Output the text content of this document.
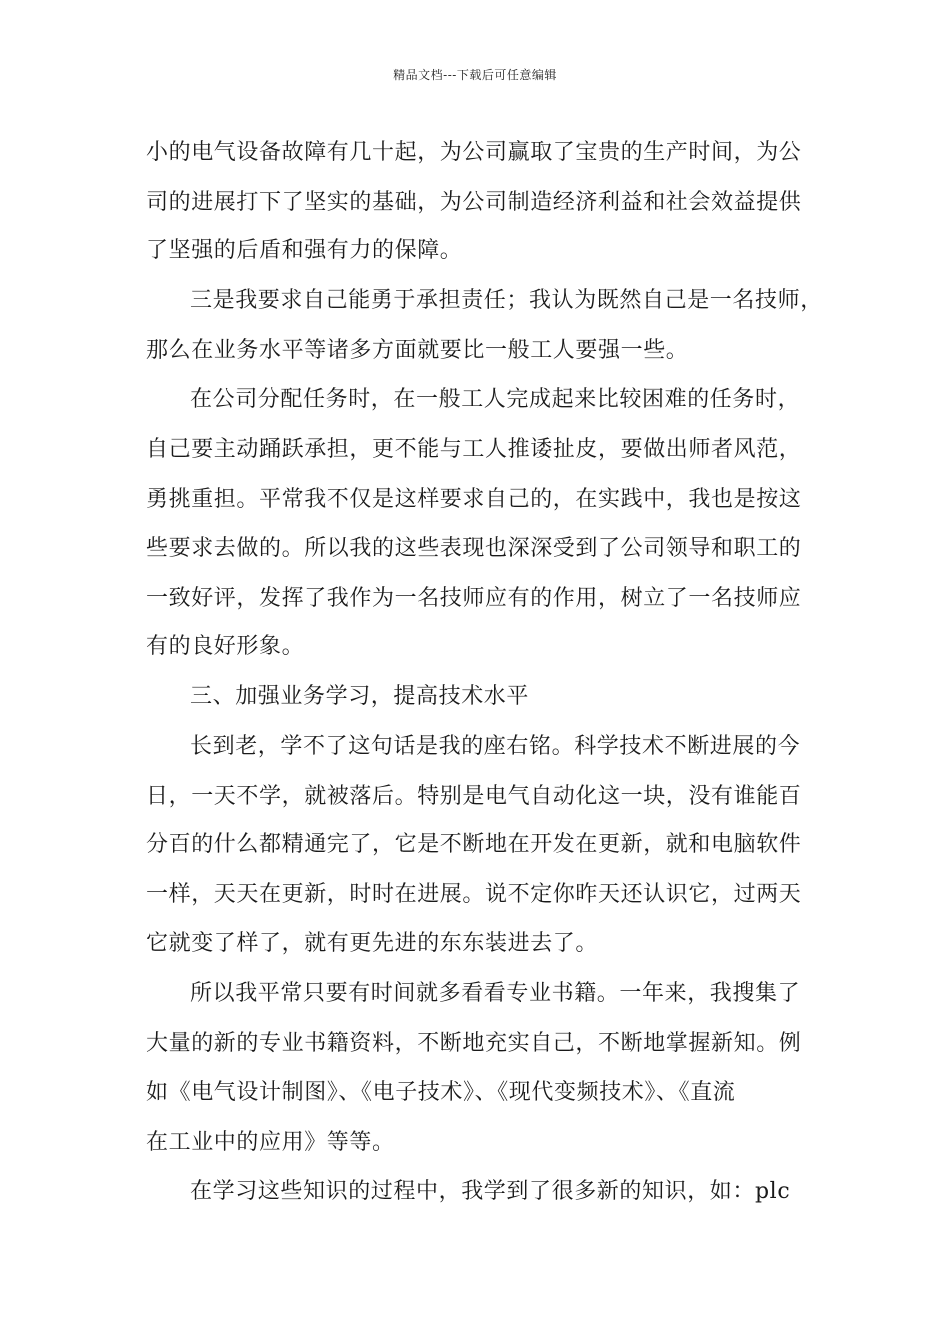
精品文档---下载后可任意编辑
小的电气设备故障有几十起，为公司赢取了宝贵的生产时间，为公
司的进展打下了坚实的基础，为公司制造经济利益和社会效益提供
了坚强的后盾和强有力的保障。
三是我要求自己能勇于承担责任；我认为既然自己是一名技师，
那么在业务水平等诸多方面就要比一般工人要强一些。
在公司分配任务时，在一般工人完成起来比较困难的任务时，
自己要主动踊跃承担，更不能与工人推诿扯皮，要做出师者风范，
勇挑重担。平常我不仅是这样要求自己的，在实践中，我也是按这
些要求去做的。所以我的这些表现也深深受到了公司领导和职工的
一致好评，发挥了我作为一名技师应有的作用，树立了一名技师应
有的良好形象。
三、加强业务学习，提高技术水平
长到老，学不了这句话是我的座右铭。科学技术不断进展的今
日，一天不学，就被落后。特别是电气自动化这一块，没有谁能百
分百的什么都精通完了，它是不断地在开发在更新，就和电脑软件
一样，天天在更新，时时在进展。说不定你昨天还认识它，过两天
它就变了样了，就有更先进的东东装进去了。
所以我平常只要有时间就多看看专业书籍。一年来，我搜集了
大量的新的专业书籍资料，不断地充实自己，不断地掌握新知。例
如《电气设计制图》、《电子技术》、《现代变频技术》、《直流
在工业中的应用》等等。
在学习这些知识的过程中，我学到了很多新的知识，如：plc
